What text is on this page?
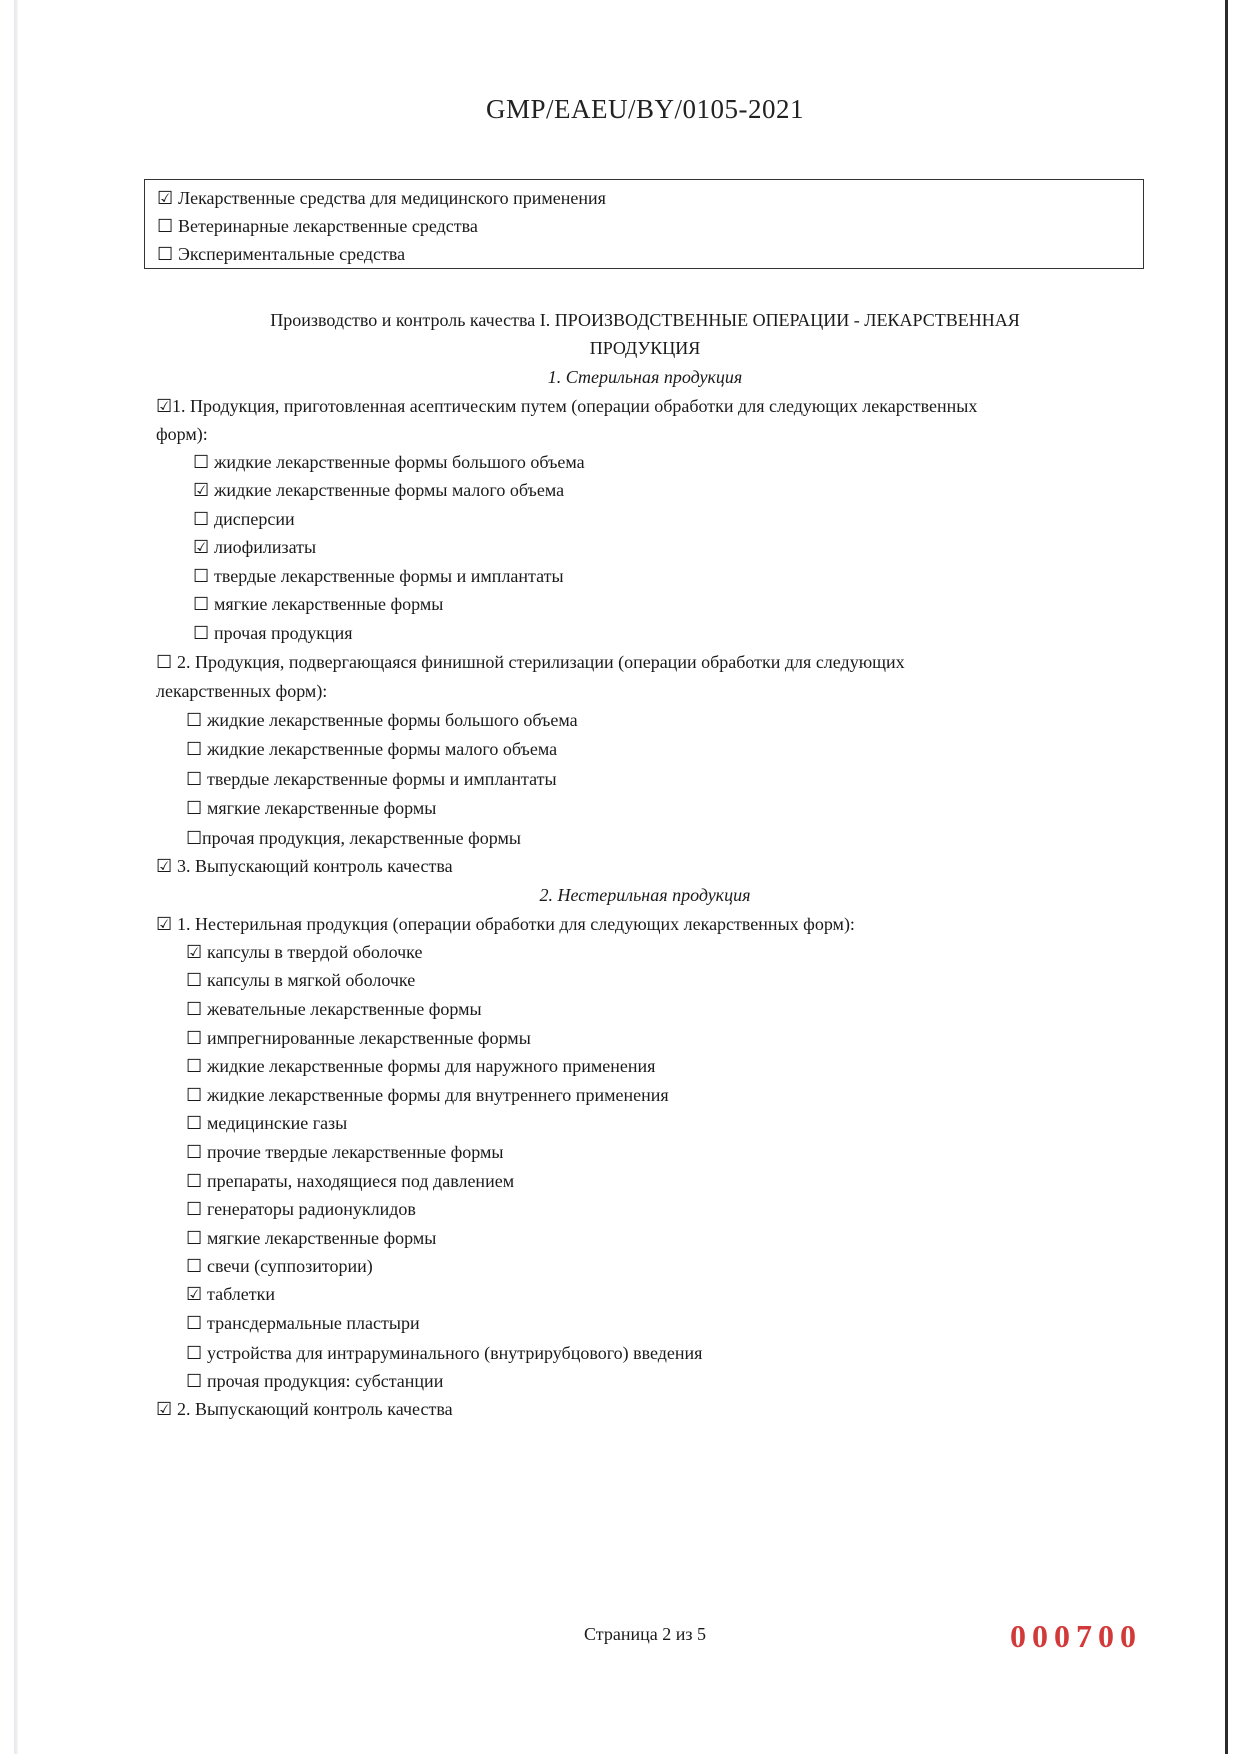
GMP/EAEU/BY/0105-2021
☑ Лекарственные средства для медицинского применения
☐ Ветеринарные лекарственные средства
☐ Экспериментальные средства
Производство и контроль качества I. ПРОИЗВОДСТВЕННЫЕ ОПЕРАЦИИ - ЛЕКАРСТВЕННАЯ
ПРОДУКЦИЯ
1. Стерильная продукция
☑1. Продукция, приготовленная асептическим путем (операции обработки для следующих лекарственных
форм):
☐ жидкие лекарственные формы большого объема
☑ жидкие лекарственные формы малого объема
☐ дисперсии
☑ лиофилизаты
☐ твердые лекарственные формы и имплантаты
☐ мягкие лекарственные формы
☐ прочая продукция
☐ 2. Продукция, подвергающаяся финишной стерилизации (операции обработки для следующих
лекарственных форм):
☐ жидкие лекарственные формы большого объема
☐ жидкие лекарственные формы малого объема
☐ твердые лекарственные формы и имплантаты
☐ мягкие лекарственные формы
☐прочая продукция, лекарственные формы
☑ 3. Выпускающий контроль качества
2. Нестерильная продукция
☑ 1. Нестерильная продукция (операции обработки для следующих лекарственных форм):
☑ капсулы в твердой оболочке
☐ капсулы в мягкой оболочке
☐ жевательные лекарственные формы
☐ импрегнированные лекарственные формы
☐ жидкие лекарственные формы для наружного применения
☐ жидкие лекарственные формы для внутреннего применения
☐ медицинские газы
☐ прочие твердые лекарственные формы
☐ препараты, находящиеся под давлением
☐ генераторы радионуклидов
☐ мягкие лекарственные формы
☐ свечи (суппозитории)
☑ таблетки
☐ трансдермальные пластыри
☐ устройства для интраруминального (внутрирубцового) введения
☐ прочая продукция: субстанции
☑ 2. Выпускающий контроль качества
Страница 2 из 5	000700
